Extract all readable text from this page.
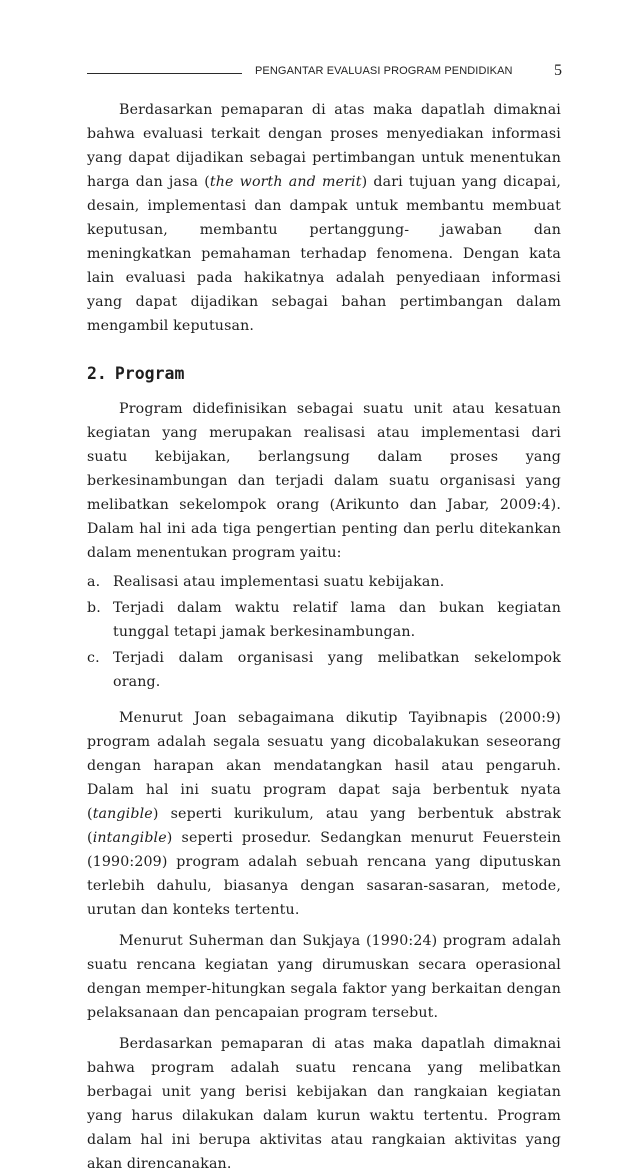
PENGANTAR EVALUASI PROGRAM PENDIDIKAN	5

Berdasarkan pemaparan di atas maka dapatlah dimaknai bahwa evaluasi terkait dengan proses menyediakan informasi yang dapat dijadikan sebagai pertimbangan untuk menentukan harga dan jasa (the worth and merit) dari tujuan yang dicapai, desain, implementasi dan dampak untuk membantu membuat keputusan, membantu pertanggung- jawaban dan meningkatkan pemahaman terhadap fenomena. Dengan kata lain evaluasi pada hakikatnya adalah penyediaan informasi yang dapat dijadikan sebagai bahan pertimbangan dalam mengambil keputusan.

2. Program

Program didefinisikan sebagai suatu unit atau kesatuan kegiatan yang merupakan realisasi atau implementasi dari suatu kebijakan, berlangsung dalam proses yang berkesinambungan dan terjadi dalam suatu organisasi yang melibatkan sekelompok orang (Arikunto dan Jabar, 2009:4). Dalam hal ini ada tiga pengertian penting dan perlu ditekankan dalam menentukan program yaitu:

a. Realisasi atau implementasi suatu kebijakan.
b. Terjadi dalam waktu relatif lama dan bukan kegiatan tunggal tetapi jamak berkesinambungan.
c. Terjadi dalam organisasi yang melibatkan sekelompok orang.

Menurut Joan sebagaimana dikutip Tayibnapis (2000:9) program adalah segala sesuatu yang dicobalakukan seseorang dengan harapan akan mendatangkan hasil atau pengaruh. Dalam hal ini suatu program dapat saja berbentuk nyata (tangible) seperti kurikulum, atau yang berbentuk abstrak (intangible) seperti prosedur. Sedangkan menurut Feuerstein (1990:209) program adalah sebuah rencana yang diputuskan terlebih dahulu, biasanya dengan sasaran-sasaran, metode, urutan dan konteks tertentu.

Menurut Suherman dan Sukjaya (1990:24) program adalah suatu rencana kegiatan yang dirumuskan secara operasional dengan memper-hitungkan segala faktor yang berkaitan dengan pelaksanaan dan pencapaian program tersebut.

Berdasarkan pemaparan di atas maka dapatlah dimaknai bahwa program adalah suatu rencana yang melibatkan berbagai unit yang berisi kebijakan dan rangkaian kegiatan yang harus dilakukan dalam kurun waktu tertentu. Program dalam hal ini berupa aktivitas atau rangkaian aktivitas yang akan direncanakan.
